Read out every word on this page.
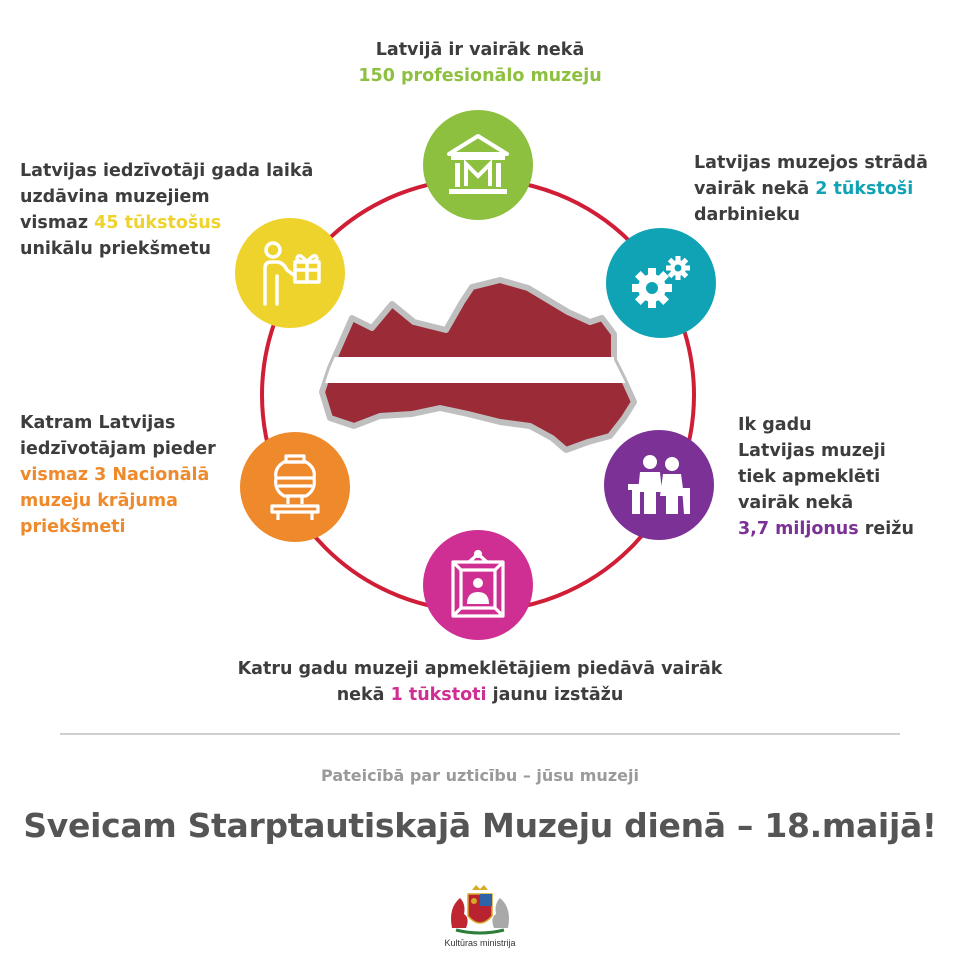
Latvijā ir vairāk nekā
150 profesionālo muzeju
Latvijas muzejos strādā
vairāk nekā 2 tūkstoši
darbinieku
Latvijas iedzīvotāji gada laikā
uzdāvina muzejiem
vismaz 45 tūkstošus
unikālu priekšmetu
Katram Latvijas
iedzīvotājam pieder
vismaz 3 Nacionālā
muzeju krājuma
priekšmeti
Ik gadu
Latvijas muzeji
tiek apmeklēti
vairāk nekā
3,7 miljonus reižu
Katru gadu muzeji apmeklētājiem piedāvā vairāk
nekā 1 tūkstoti jaunu izstāžu
Pateicībā par uzticību – jūsu muzeji
Sveicam Starptautiskajā Muzeju dienā – 18.maijā!
Kultūras ministrija
